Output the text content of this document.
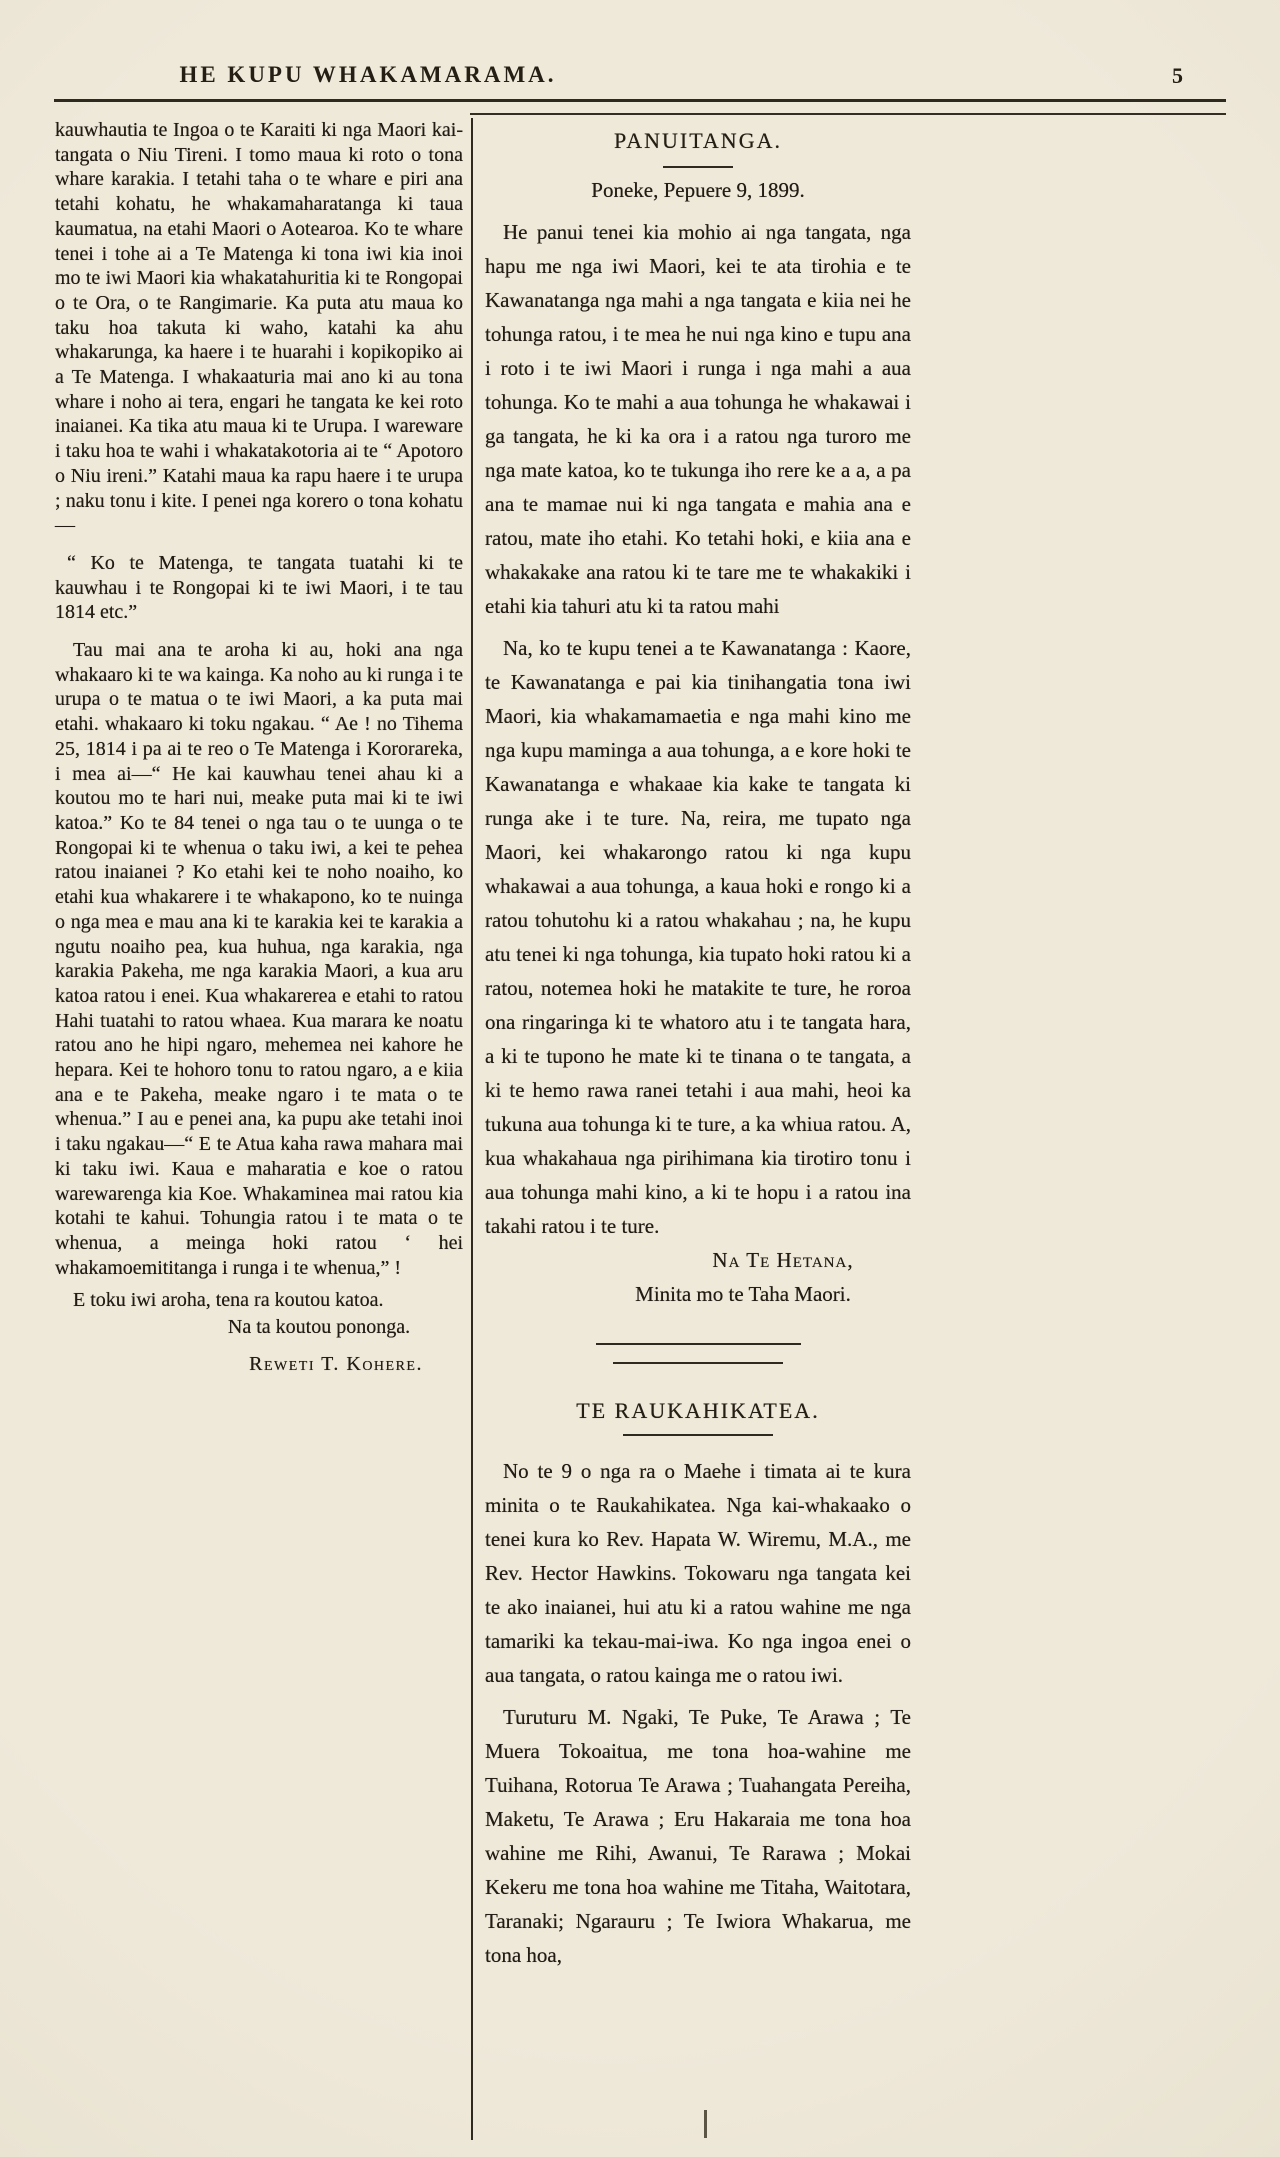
HE KUPU WHAKAMARAMA.	5

kauwhautia te Ingoa o te Karaiti ki nga Maori kai-tangata o Niu Tireni. I tomo maua ki roto o tona whare karakia. I tetahi taha o te whare e piri ana tetahi kohatu, he whakamaharatanga ki taua kaumatua, na etahi Maori o Aotearoa. Ko te whare tenei i tohe ai a Te Matenga ki tona iwi kia inoi mo te iwi Maori kia whakatahuritia ki te Rongopai o te Ora, o te Rangimarie. Ka puta atu maua ko taku hoa takuta ki waho, katahi ka ahu whakarunga, ka haere i te huarahi i kopikopiko ai a Te Matenga. I whakaaturia mai ano ki au tona whare i noho ai tera, engari he tangata ke kei roto inaianei. Ka tika atu maua ki te Urupa. I wareware i taku hoa te wahi i whakatakotoria ai te “ Apotoro o Niu ireni.” Katahi maua ka rapu haere i te urupa ; naku tonu i kite. I penei nga korero o tona kohatu—

“ Ko te Matenga, te tangata tuatahi ki te kauwhau i te Rongopai ki te iwi Maori, i te tau 1814 etc.”

Tau mai ana te aroha ki au, hoki ana nga whakaaro ki te wa kainga. Ka noho au ki runga i te urupa o te matua o te iwi Maori, a ka puta mai etahi. whakaaro ki toku ngakau. “ Ae ! no Tihema 25, 1814 i pa ai te reo o Te Matenga i Kororareka, i mea ai—“ He kai kauwhau tenei ahau ki a koutou mo te hari nui, meake puta mai ki te iwi katoa.” Ko te 84 tenei o nga tau o te uunga o te Rongopai ki te whenua o taku iwi, a kei te pehea ratou inaianei ? Ko etahi kei te noho noaiho, ko etahi kua whakarere i te whakapono, ko te nuinga o nga mea e mau ana ki te karakia kei te karakia a ngutu noaiho pea, kua huhua, nga karakia, nga karakia Pakeha, me nga karakia Maori, a kua aru katoa ratou i enei. Kua whakarerea e etahi to ratou Hahi tuatahi to ratou whaea. Kua marara ke noatu ratou ano he hipi ngaro, mehemea nei kahore he hepara. Kei te hohoro tonu to ratou ngaro, a e kiia ana e te Pakeha, meake ngaro i te mata o te whenua.” I au e penei ana, ka pupu ake tetahi inoi i taku ngakau—“ E te Atua kaha rawa mahara mai ki taku iwi. Kaua e maharatia e koe o ratou warewarenga kia Koe. Whakaminea mai ratou kia kotahi te kahui. Tohungia ratou i te mata o te whenua, a meinga hoki ratou ‘ hei whakamoemititanga i runga i te whenua,” !

E toku iwi aroha, tena ra koutou katoa.

Na ta koutou pononga.

Reweti T. Kohere.

PANUITANGA.

Poneke, Pepuere 9, 1899.

He panui tenei kia mohio ai nga tangata, nga hapu me nga iwi Maori, kei te ata tirohia e te Kawanatanga nga mahi a nga tangata e kiia nei he tohunga ratou, i te mea he nui nga kino e tupu ana i roto i te iwi Maori i runga i nga mahi a aua tohunga. Ko te mahi a aua tohunga he whakawai i ga tangata, he ki ka ora i a ratou nga turoro me nga mate katoa, ko te tukunga iho rere ke a a, a pa ana te mamae nui ki nga tangata e mahia ana e ratou, mate iho etahi. Ko tetahi hoki, e kiia ana e whakakake ana ratou ki te tare me te whakakiki i etahi kia tahuri atu ki ta ratou mahi

Na, ko te kupu tenei a te Kawanatanga : Kaore, te Kawanatanga e pai kia tinihangatia tona iwi Maori, kia whakamamaetia e nga mahi kino me nga kupu maminga a aua tohunga, a e kore hoki te Kawanatanga e whakaae kia kake te tangata ki runga ake i te ture. Na, reira, me tupato nga Maori, kei whakarongo ratou ki nga kupu whakawai a aua tohunga, a kaua hoki e rongo ki a ratou tohutohu ki a ratou whakahau ; na, he kupu atu tenei ki nga tohunga, kia tupato hoki ratou ki a ratou, notemea hoki he matakite te ture, he roroa ona ringaringa ki te whatoro atu i te tangata hara, a ki te tupono he mate ki te tinana o te tangata, a ki te hemo rawa ranei tetahi i aua mahi, heoi ka tukuna aua tohunga ki te ture, a ka whiua ratou. A, kua whakahaua nga pirihimana kia tirotiro tonu i aua tohunga mahi kino, a ki te hopu i a ratou ina takahi ratou i te ture.

Na Te Hetana,

Minita mo te Taha Maori.

TE RAUKAHIKATEA.

No te 9 o nga ra o Maehe i timata ai te kura minita o te Raukahikatea. Nga kai-whakaako o tenei kura ko Rev. Hapata W. Wiremu, M.A., me Rev. Hector Hawkins. Tokowaru nga tangata kei te ako inaianei, hui atu ki a ratou wahine me nga tamariki ka tekau-mai-iwa. Ko nga ingoa enei o aua tangata, o ratou kainga me o ratou iwi.

Turuturu M. Ngaki, Te Puke, Te Arawa ; Te Muera Tokoaitua, me tona hoa-wahine me Tuihana, Rotorua Te Arawa ; Tuahangata Pereiha, Maketu, Te Arawa ; Eru Hakaraia me tona hoa wahine me Rihi, Awanui, Te Rarawa ; Mokai Kekeru me tona hoa wahine me Titaha, Waitotara, Taranaki; Ngarauru ; Te Iwiora Whakarua, me tona hoa,
